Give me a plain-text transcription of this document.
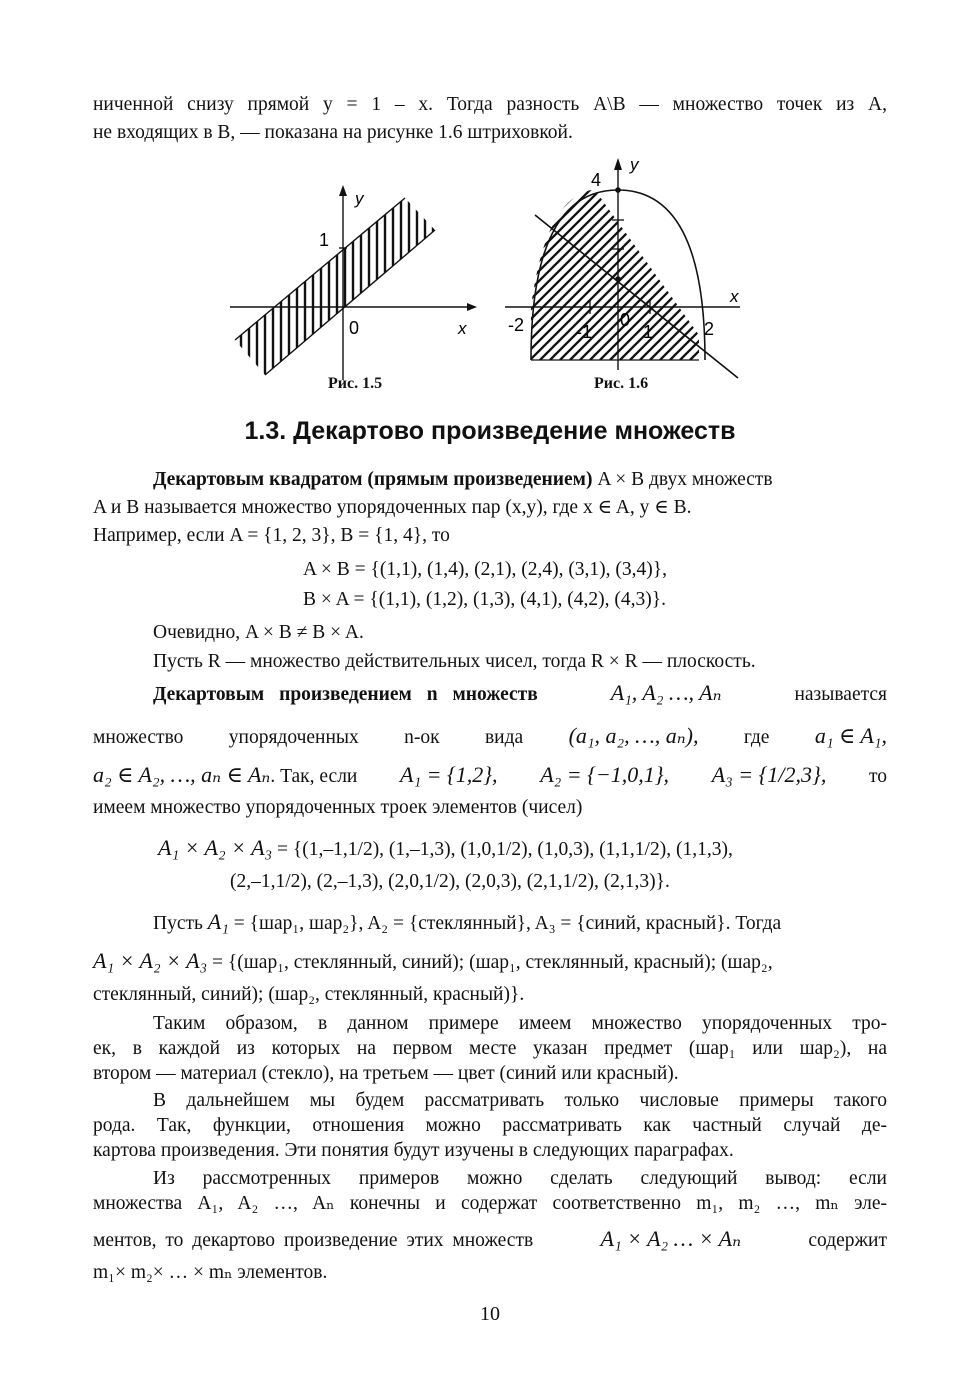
ниченной снизу прямой y = 1 – x. Тогда разность A\B — множество точек из A,
не входящих в B, — показана на рисунке 1.6 штриховкой.
y
x
0
1
Рис. 1.5
y
x
4
-2	-1
0
1	2
Рис. 1.6
1.3. Декартово произведение множеств
Декартовым квадратом (прямым произведением) A × B двух множеств
A и B называется множество упорядоченных пар (x,y), где x ∈ A, y ∈ B.
Например, если A = {1, 2, 3}, B = {1, 4}, то
A × B = {(1,1), (1,4), (2,1), (2,4), (3,1), (3,4)},
B × A = {(1,1), (1,2), (1,3), (4,1), (4,2), (4,3)}.
Очевидно, A × B ≠ B × A.
Пусть R — множество действительных чисел, тогда R × R — плоскость.
Декартовым произведением n множеств	A₁, A₂ …, Aₙ	называется
множество упорядоченных n-ок вида (a₁, a₂, …, aₙ), где a₁ ∈ A₁,
a₂ ∈ A₂, …, aₙ ∈ Aₙ. Так, если A₁ = {1,2}, A₂ = {−1,0,1}, A₃ = {1/2,3}, то
имеем множество упорядоченных троек элементов (чисел)
A₁ × A₂ × A₃ = {(1,–1,1/2), (1,–1,3), (1,0,1/2), (1,0,3), (1,1,1/2), (1,1,3),
(2,–1,1/2), (2,–1,3), (2,0,1/2), (2,0,3), (2,1,1/2), (2,1,3)}.
Пусть A₁ = {шар₁, шар₂}, A₂ = {стеклянный}, A₃ = {синий, красный}. Тогда
A₁ × A₂ × A₃ = {(шар₁, стеклянный, синий); (шар₁, стеклянный, красный); (шар₂,
стеклянный, синий); (шар₂, стеклянный, красный)}.
Таким образом, в данном примере имеем множество упорядоченных тро-
ек, в каждой из которых на первом месте указан предмет (шар₁ или шар₂), на
втором — материал (стекло), на третьем — цвет (синий или красный).
В дальнейшем мы будем рассматривать только числовые примеры такого
рода. Так, функции, отношения можно рассматривать как частный случай де-
картова произведения. Эти понятия будут изучены в следующих параграфах.
Из рассмотренных примеров можно сделать следующий вывод: если
множества A₁, A₂ …, Aₙ конечны и содержат соответственно m₁, m₂ …, mₙ эле-
ментов, то декартово произведение этих множеств	A₁ × A₂ … × Aₙ	содержит
m₁× m₂× … × mₙ элементов.
10
